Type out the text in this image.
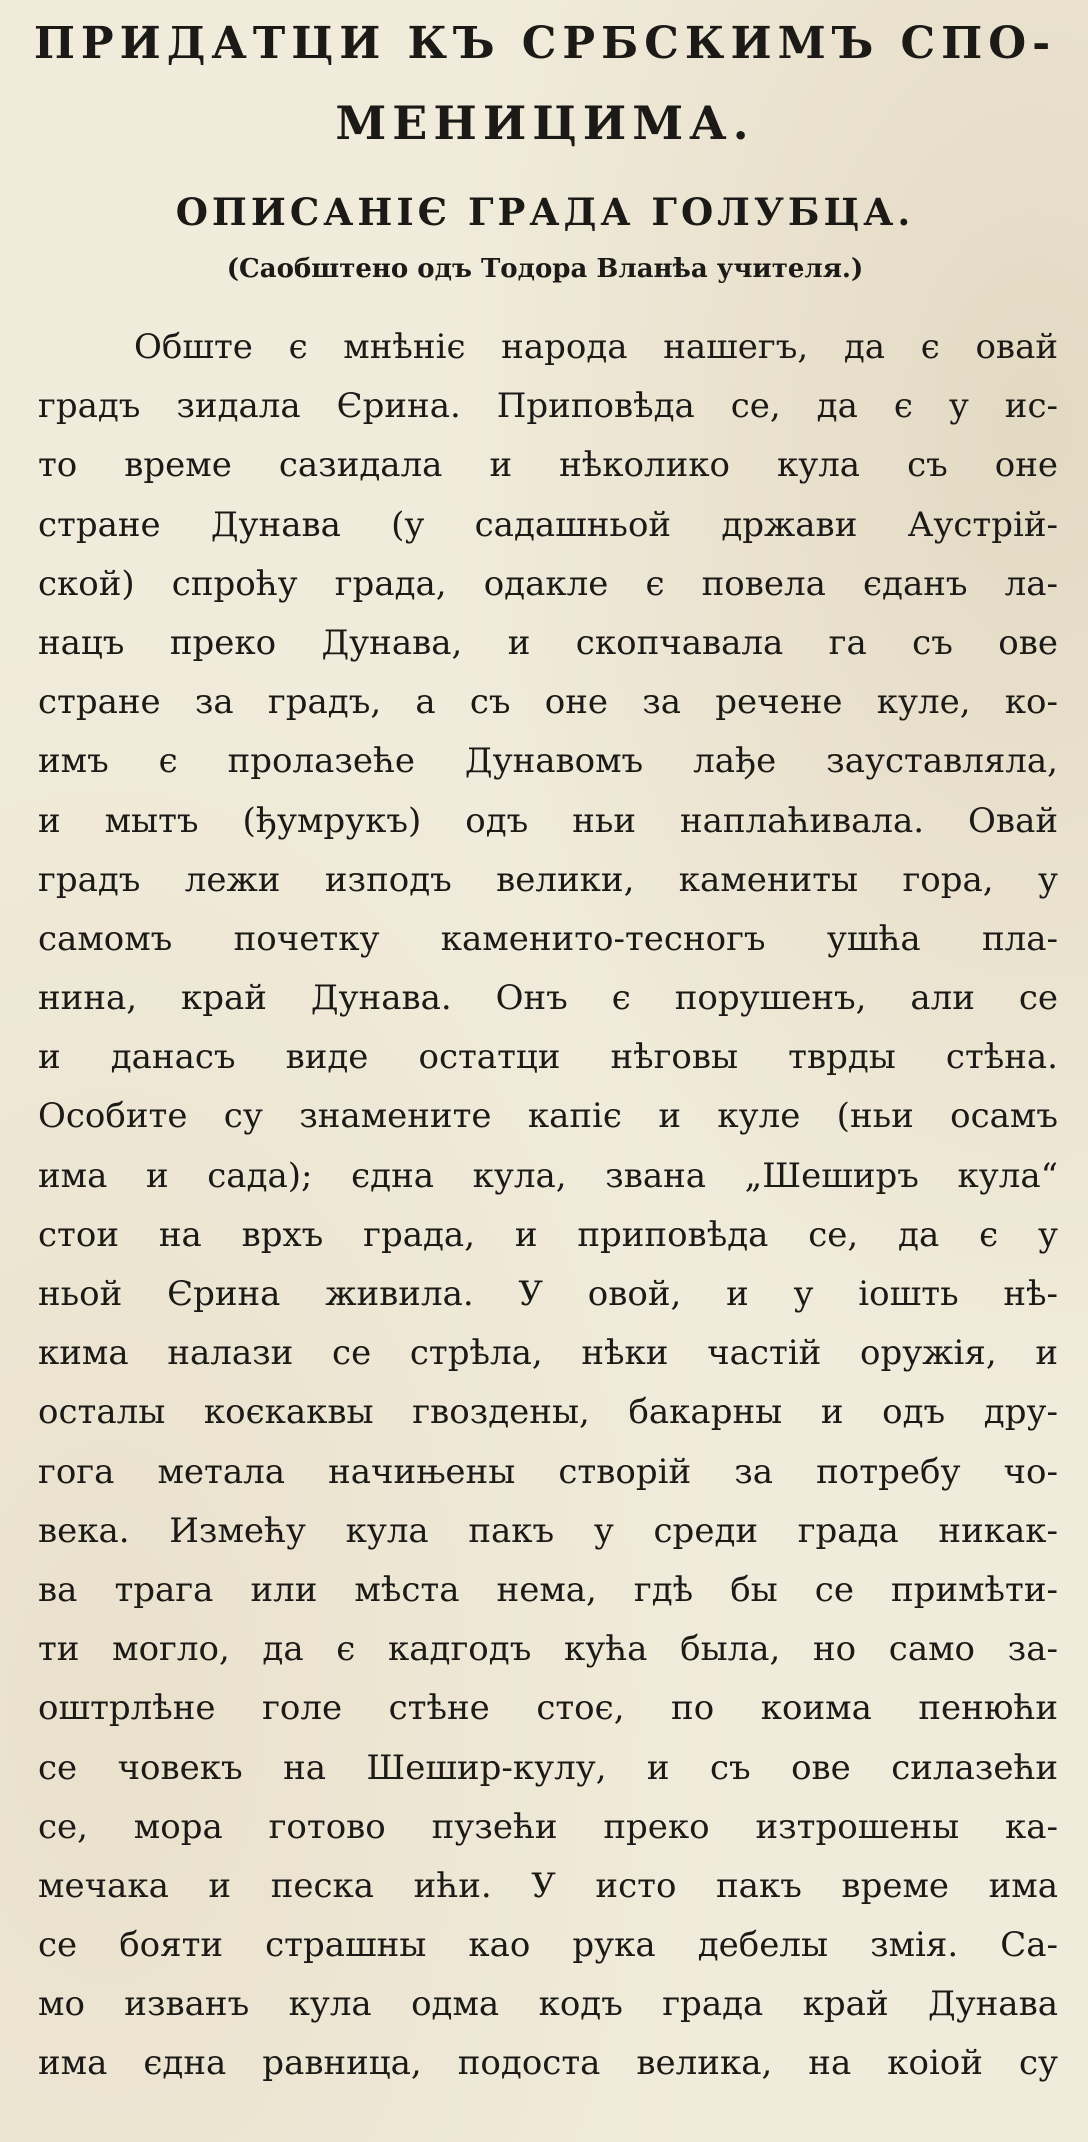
ПРИДАТЦИ КЪ СРБСКИМЪ СПО-
МЕНИЦИМА.
ОПИСАНІЄ ГРАДА ГОЛУБЦА.

(Саобштено одъ Тодора Вланѣа учителя.)

Обште є мнѣніє народа нашегъ, да є овай
градъ зидала Єрина. Приповѣда се, да є у ис-
то време сазидала и нѣколико кула съ оне
стране Дунава (у садашньой држави Аустрій-
ской) спроћу града, одакле є повела єданъ ла-
нацъ преко Дунава, и скопчавала га съ ове
стране за градъ, а съ оне за речене куле, ко-
имъ є пролазеће Дунавомъ лађе зауставляла,
и мытъ (ђумрукъ) одъ ньи наплаћивала. Овай
градъ лежи изподъ велики, камениты гора, у
самомъ почетку каменито-тесногъ ушћа пла-
нина, край Дунава. Онъ є порушенъ, али се
и данасъ виде остатци нѣговы тврды стѣна.
Особите су знамените капіє и куле (ньи осамъ
има и сада); єдна кула, звана „Шеширъ кула“
стои на врхъ града, и приповѣда се, да є у
ньой Єрина живила. У овой, и у іошть нѣ-
кима налази се стрѣла, нѣки частій оружія, и
осталы коєкаквы гвоздены, бакарны и одъ дру-
гога метала начињены створій за потребу чо-
века. Измећу кула пакъ у среди града никак-
ва трага или мѣста нема, гдѣ бы се примѣти-
ти могло, да є кадгодъ кућа была, но само за-
оштрлѣне голе стѣне стоє, по коима пенюћи
се човекъ на Шешир-кулу, и съ ове силазећи
се, мора готово пузећи преко изтрошены ка-
мечака и песка ићи. У исто пакъ време има
се бояти страшны као рука дебелы змія. Са-
мо изванъ кула одма кодъ града край Дунава
има єдна равница, подоста велика, на коіой су
